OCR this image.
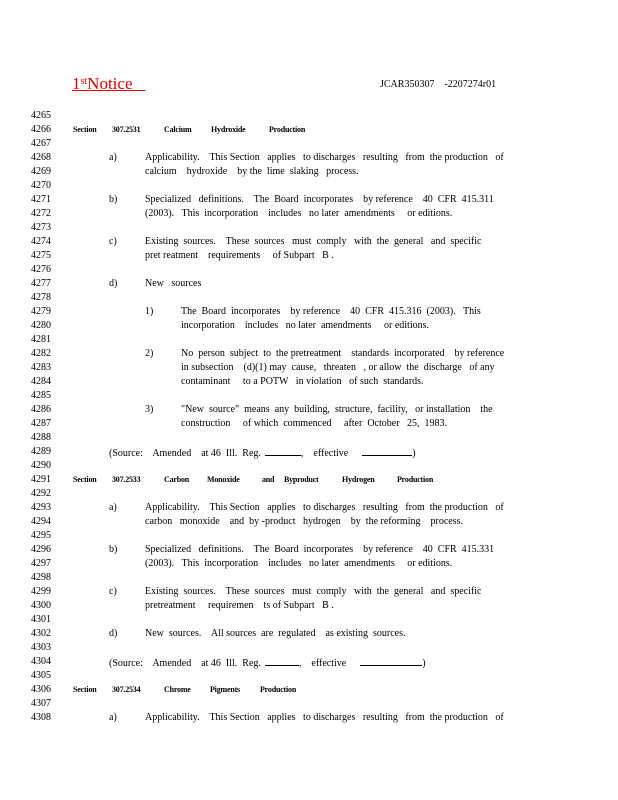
1stNotice	JCAR350307    -2207274r01
4265
4266	Section 307.2531	Calcium Hydroxide	Production
4267
4268	a)	Applicability.    This Section   applies   to discharges   resulting   from  the production   of
4269	calcium    hydroxide    by the  lime  slaking   process.
4270
4271	b)	Specialized   definitions.    The  Board  incorporates    by reference    40  CFR  415.311
4272	(2003).   This  incorporation    includes   no later  amendments     or editions.
4273
4274	c)	Existing  sources.    These  sources   must  comply   with  the  general   and  specific
4275	pret reatment    requirements     of Subpart   B .
4276
4277	d)	New   sources
4278
4279	1)	The  Board  incorporates    by reference    40  CFR  415.316  (2003).   This
4280	incorporation    includes   no later  amendments     or editions.
4281
4282	2)	No  person  subject  to  the pretreatment    standards  incorporated    by reference
4283	in subsection    (d)(1) may  cause,   threaten   , or allow  the  discharge   of any
4284	contaminant     to a POTW   in violation   of such  standards.
4285
4286	3)	"New  source"  means  any  building,  structure,  facility,   or installation    the
4287	construction     of which  commenced     after  October   25,  1983.
4288
4289	(Source:    Amended    at 46  Ill.  Reg.	, effective	)
4290
4291	Section 307.2533	Carbon Monoxide	and Byproduct	Hydrogen	Production
4292
4293	a)	Applicability.    This Section   applies   to discharges   resulting   from  the production   of
4294	carbon   monoxide    and  by -product   hydrogen    by  the reforming    process.
4295
4296	b)	Specialized   definitions.    The  Board  incorporates    by reference    40  CFR  415.331
4297	(2003).   This  incorporation    includes   no later  amendments     or editions.
4298
4299	c)	Existing  sources.    These  sources   must  comply   with  the  general   and  specific
4300	pretreatment     requiremen    ts of Subpart   B .
4301
4302	d)	New  sources.    All sources  are  regulated    as existing  sources.
4303
4304	(Source:    Amended    at 46  Ill.  Reg.	, effective	)
4305
4306	Section 307.2534	Chrome Pigments	Production
4307
4308	a)	Applicability.    This Section   applies   to discharges   resulting   from  the production   of
